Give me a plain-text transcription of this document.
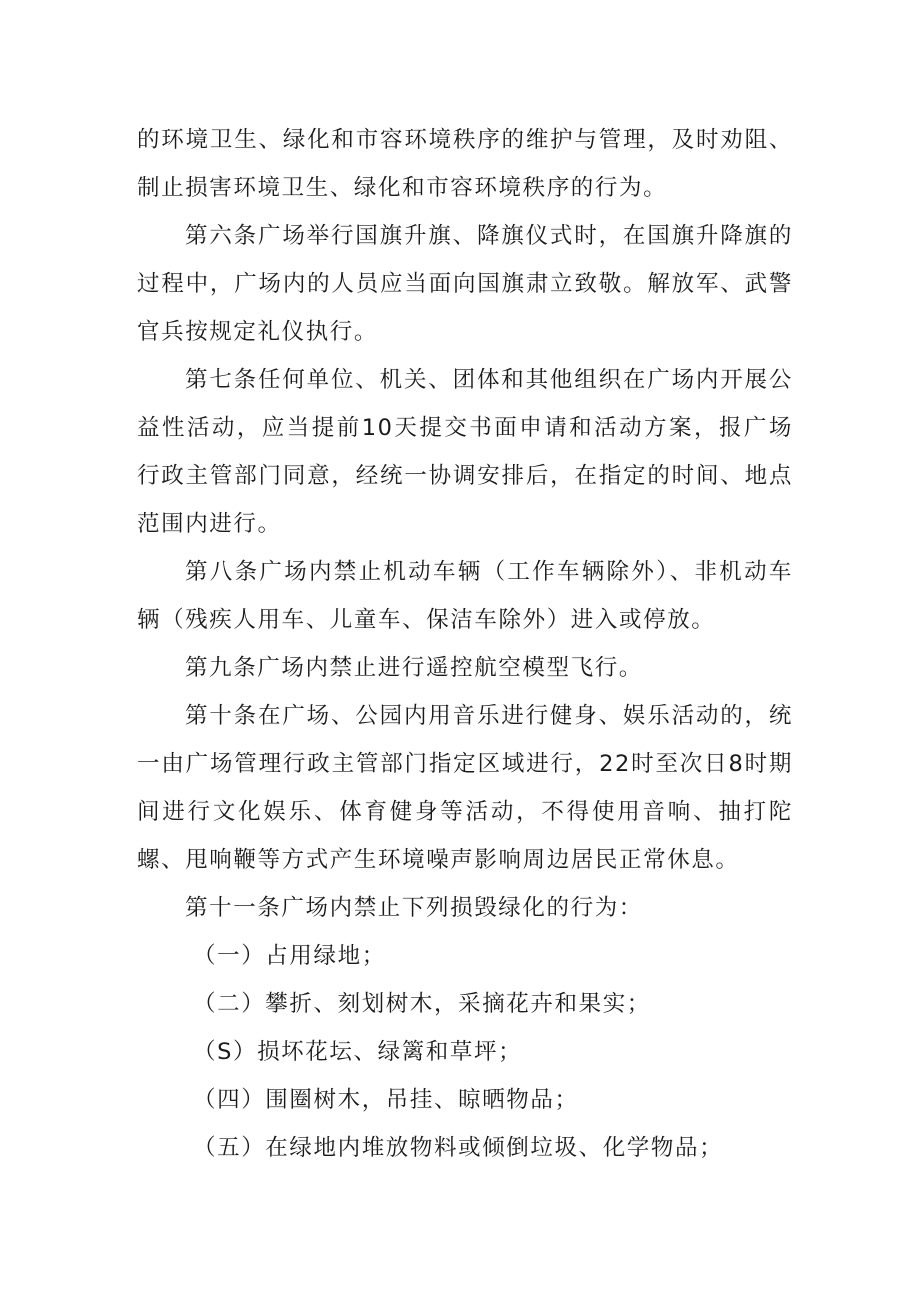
的环境卫生、绿化和市容环境秩序的维护与管理，及时劝阻、制止损害环境卫生、绿化和市容环境秩序的行为。

第六条广场举行国旗升旗、降旗仪式时，在国旗升降旗的过程中，广场内的人员应当面向国旗肃立致敬。解放军、武警官兵按规定礼仪执行。

第七条任何单位、机关、团体和其他组织在广场内开展公益性活动，应当提前10天提交书面申请和活动方案，报广场行政主管部门同意，经统一协调安排后，在指定的时间、地点范围内进行。

第八条广场内禁止机动车辆（工作车辆除外）、非机动车辆（残疾人用车、儿童车、保洁车除外）进入或停放。

第九条广场内禁止进行遥控航空模型飞行。

第十条在广场、公园内用音乐进行健身、娱乐活动的，统一由广场管理行政主管部门指定区域进行，22时至次日8时期间进行文化娱乐、体育健身等活动，不得使用音响、抽打陀螺、甩响鞭等方式产生环境噪声影响周边居民正常休息。

第十一条广场内禁止下列损毁绿化的行为：

（一）占用绿地；

（二）攀折、刻划树木，采摘花卉和果实；

（S）损坏花坛、绿篱和草坪；

（四）围圈树木，吊挂、晾晒物品；

（五）在绿地内堆放物料或倾倒垃圾、化学物品；
